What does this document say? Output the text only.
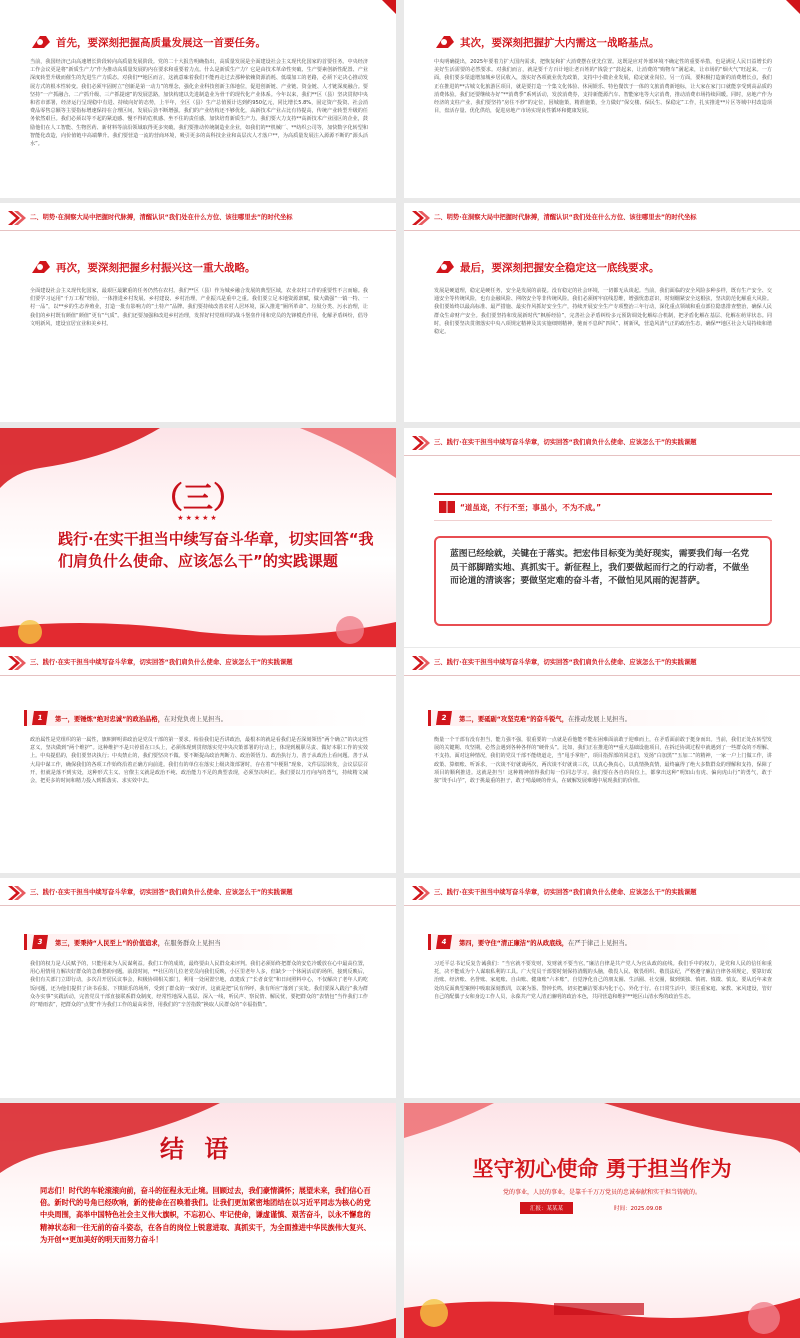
首先，要深刻把握高质量发展这一首要任务。
当前，我国经济已由高速增长阶段转向高质量发展阶段。党的二十大报告明确指出，高质量发展是全面建设社会主义现代化国家的首要任务。中央经济工作会议更是将“新质生产力”作为推动高质量发展的内在要求和重要着力点。什么是新质生产力？它是由技术革命性突破、生产要素创新性配置、产业深度转型升级而催生的先进生产力质态。对我们**地区而言，这就意味着我们不能再走过去那种依赖资源消耗、低端加工的老路，必须下定决心推动发展方式的根本性转变。我们必须牢固树立“创新是第一动力”的理念，强化企业科技创新主体地位，促进创新链、产业链、资金链、人才链深度融合。要坚持“一产抓融合、二产抓升级、三产抓提速”的发展思路，加快构建以先进制造业为骨干的现代化产业体系。今年以来，我们**区（县）坚决贯彻中央和省市部署，经济运行呈现稳中有进、持续向好的态势，上半年，全区（县）生产总值预计达到约950亿元，同比增长5.8%，固定资产投资、社会消费品零售总额等主要指标增速保持在合理区间，发展后劲不断增强。我们的产业结构还不够优化，高新技术产业占比有待提高，传统产业转型升级的任务依然艰巨。我们必须以等不起的紧迫感、慢不得的危机感、坐不住的责任感，加快培育新质生产力。我们要大力支持**高新技术产业园区的企业，鼓励他们在人工智能、生物医药、新材料等前沿领域取得更多突破。我们要推动传统制造业企业，如我们的**机械厂、**纺织公司等，加快数字化转型和智能化改造，向价值链中高端攀升。我们要营造一流的营商环境，吸引更多的高科技企业和高层次人才落户**，为高质量发展注入源源不断的“源头活水”。
其次，要深刻把握扩大内需这一战略基点。
中央明确提出，2025年要着力扩大国内需求，把恢复和扩大消费摆在优先位置。这既是应对外部环境不确定性的重要举措，也是满足人民日益增长的美好生活需要的必然要求。对我们而言，就是要千方百计地让老百姓的“钱袋子”鼓起来，让消费的“购物车”满起来，让市场的“烟火气”旺起来。一方面，我们要多渠道增加城乡居民收入，落实好各项就业优先政策，支持中小微企业发展，稳定就业岗位。另一方面，要积极打造新的消费增长点，我们正在推进的**古城文化旅游区项目，就是要打造一个集文化体验、休闲娱乐、特色餐饮于一体的文旅消费新地标，让大家在家门口就能享受到高品质的消费体验。我们还要继续办好“**消费季”系列活动，发放消费券，支持新能源汽车、智能家电等大宗消费，推动消费市场持续回暖。同时，房地产作为经济的支柱产业，我们要坚持“房住不炒”的定位，因城施策，精准施策，全力做好“保交楼、保民生、保稳定”工作，扎实推进**片区等城中村改造项目，盘活存量、优化供给，促进房地产市场实现良性循环和健康发展。
二、明势·在洞察大局中把握时代脉搏，清醒认识“我们处在什么方位、该往哪里去”的时代坐标
再次，要深刻把握乡村振兴这一重大战略。
全面建设社会主义现代化国家，最艰巨最繁重的任务仍然在农村。我们**区（县）作为城乡融合发展的典型区域，农业农村工作的重要性不言而喻。我们要学习运用“千万工程”经验，一体推进乡村发展、乡村建设、乡村治理，产业振兴是重中之重。我们要立足本地资源禀赋，做大做强“一镇一特、一村一品”，以**乡的生态养殖业，打造一批有影响力的“土特产”品牌。我们要持续改善农村人居环境，深入推进“厕所革命”、垃圾分类、污水治理，让我们的乡村既有颜值“颜值”更有“气质”。我们还要加强和改进乡村治理，发挥好村党组织的战斗堡垒作用和党员的先锋模范作用，化解矛盾纠纷，倡导文明新风，建设宜居宜业和美乡村。
二、明势·在洞察大局中把握时代脉搏，清醒认识“我们处在什么方位、该往哪里去”的时代坐标
最后，要深刻把握安全稳定这一底线要求。
发展是硬道理，稳定是硬任务，安全是发展的前提。没有稳定的社会环境，一切都无从谈起。当前，我们面临的安全风险多种多样，既有生产安全、交通安全等传统风险，也有金融风险、网络安全等非传统风险。我们必须树牢底线思维，增强忧患意识，时刻绷紧安全这根弦，坚决防范化解重大风险。我们要始终以最高标准、最严措施、最实作风抓好安全生产，持续开展安全生产专项整治三年行动，深化重点领域和重点部位隐患排查整治，确保人民群众生命财产安全。我们要坚持和发展新时代“枫桥经验”，完善社会矛盾纠纷多元预防调处化解综合机制，把矛盾化解在基层、化解在萌芽状态。同时，我们要坚决贯彻落实中央八项规定精神及其实施细则精神，驰而不息纠“四风”、树新风，营造风清气正的政治生态，确保**地区社会大局持续和谐稳定。
（三）
★★★★★
践行·在实干担当中续写奋斗华章，切实回答“我们肩负什么使命、应该怎么干”的实践课题
三、践行·在实干担当中续写奋斗华章，切实回答“我们肩负什么使命、应该怎么干”的实践课题
“道虽迩，不行不至；事虽小，不为不成。”
蓝图已经绘就，关键在于落实。把宏伟目标变为美好现实，需要我们每一名党员干部脚踏实地、真抓实干。新征程上，我们要做起而行之的行动者，不做坐而论道的清谈客；要做坚定难的奋斗者，不做怕见风雨的泥菩萨。
三、践行·在实干担当中续写奋斗华章，切实回答“我们肩负什么使命、应该怎么干”的实践课题
1	第一，要锤炼“绝对忠诚”的政治品格，在对党负责上见担当。
政治属性是党组织的第一属性，旗帜鲜明讲政治是党员干部的第一要求。检验我们是否讲政治，最根本的就是看我们是否深刻领悟“两个确立”的决定性意义，坚决做到“两个维护”。这种维护不是只停留在口头上，必须体现到贯彻落实党中央决策部署的行动上，体现到履职尽责、做好本职工作的实效上。中央提倡的，我们要坚决执行；中央禁止的，我们要坚决不做。要不断提高政治判断力、政治领悟力、政治执行力，善于从政治上看问题。善于从大局中谋工作，确保我们的各项工作始终沿着正确方向前进。我们有的单位在落实上级决策部署时，存在着“中梗阻”现象，文件层层转发，会议层层召开，但就是落不到实处，这种形式主义、官僚主义就是政治不纯、政治能力不足的典型表现，必须坚决纠正。我们要以刀刃向内的勇气，持续精文减会，把更多的时间和精力投入到抓落实、求实效中去。
三、践行·在实干担当中续写奋斗华章，切实回答“我们肩负什么使命、应该怎么干”的实践课题
2	第二，要砥砺“攻坚克难”的奋斗锐气，在推动发展上见担当。
衡量一个干部有没有担当，能力强不强，很重要的一点就是看他能不能在困难面前敢于迎难而上，在矛盾面前敢于挺身而出。当前，我们正处在转型发展的关键期、攻坚期，必然会遇到各种各样的“硬骨头”。比如，我们正在推进的**重大基础设施项目，在拆迁协调过程中就遇到了一些群众的不理解、不支持。面对这种情况，我们的党员干部不能绕道走，当“甩手掌柜”，项目指挥部的同志们，发扬“白加黑”“五加二”的精神，一家一户上门做工作，讲政策、算细账、听诉求，一次谈不好就谈两次，两次谈不好就谈三次，以真心换真心，以真情换真情，最终赢得了绝大多数群众的理解和支持，保障了项目的顺利推进。这就是担当！这种精神值得我们每一位同志学习。我们要在各自的岗位上，都拿出这种“明知山有虎、偏向虎山行”的勇气，敢于接“烫手山芋”，敢于挑最重的担子，敢于啃最硬的骨头，在破解发展难题中展现我们的价值。
三、践行·在实干担当中续写奋斗华章，切实回答“我们肩负什么使命、应该怎么干”的实践课题
3	第三，要秉持“人民至上”的价值追求，在服务群众上见担当
我们的权力是人民赋予的，只能用来为人民谋利益。我们工作的成效，最终要由人民群众来评判。我们必须始终把群众的安危冷暖放在心中最高位置，用心用情用力解决好群众的急难愁盼问题。前段时间，**社区的几位老党员向我们反映，小区里老年人多，但缺少一个休闲活动的场所，接到反映后，我们有关部门立即行动，多次召开居民议事会，积极协调相关部门，利用一处闲置空地，改建成了“长者食堂”和日间照料中心，不仅解决了老年人的吃饭问题，还为他们提供了读书看报、下棋娱乐的场所，受到了群众的一致好评。这就是把“民有所呼，我有所应”落到了实处。我们要深入践行“我为群众办实事”实践活动，完善党员干部直接联系群众制度，经常性地深入基层、深入一线，听民声、察民情、解民忧，要把群众的“表情包”当作我们工作的“晴雨表”，把群众的“点赞”作为我们工作的最高荣誉，用我们的“辛苦指数”换取人民群众的“幸福指数”。
三、践行·在实干担当中续写奋斗华章，切实回答“我们肩负什么使命、应该怎么干”的实践课题
4	第四，要守住“清正廉洁”的从政底线，在严于律己上见担当。
习近平总书记反复告诫我们：“当官就不要发财，发财就不要当官。”廉洁自律是共产党人为官从政的底线。我们手中的权力，是党和人民的信任和重托，决不能成为个人谋取私利的工具。广大党员干部要时刻保持清醒的头脑，敬畏人民、敬畏组织、敬畏法纪，严格遵守廉洁自律各项规定，要算好政治账、经济账、名誉账、家庭账、自由账、健康账“六本账”，自觉净化自己的朋友圈、生活圈、社交圈，做到慎独、慎初、慎微、慎友。要从近年来查处的反面典型案例中吸取深刻教训，以案为鉴、警钟长鸣，切实把廉洁要求内化于心、外化于行。在日常生活中，要注重家庭、家教、家风建设，管好自己的配偶子女和身边工作人员，永葆共产党人清正廉明的政治本色，共同营造和维护**地区山清水秀的政治生态。
结 语
同志们！时代的车轮滚滚向前，奋斗的征程永无止境。回顾过去，我们豪情满怀；展望未来，我们信心百倍。新时代的号角已经吹响，新的使命在召唤着我们。让我们更加紧密地团结在以习近平同志为核心的党中央周围，高举中国特色社会主义伟大旗帜，不忘初心、牢记使命，谦虚谨慎、艰苦奋斗，以永不懈怠的精神状态和一往无前的奋斗姿态，在各自的岗位上锐意进取、真抓实干，为全面推进中华民族伟大复兴、为开创**更加美好的明天而努力奋斗！
坚守初心使命 勇于担当作为
党的事业，人民的事业，是靠千千万万党员的忠诚奉献和实干担当铸就的。
汇报：某某某	时间：2025.09.08
